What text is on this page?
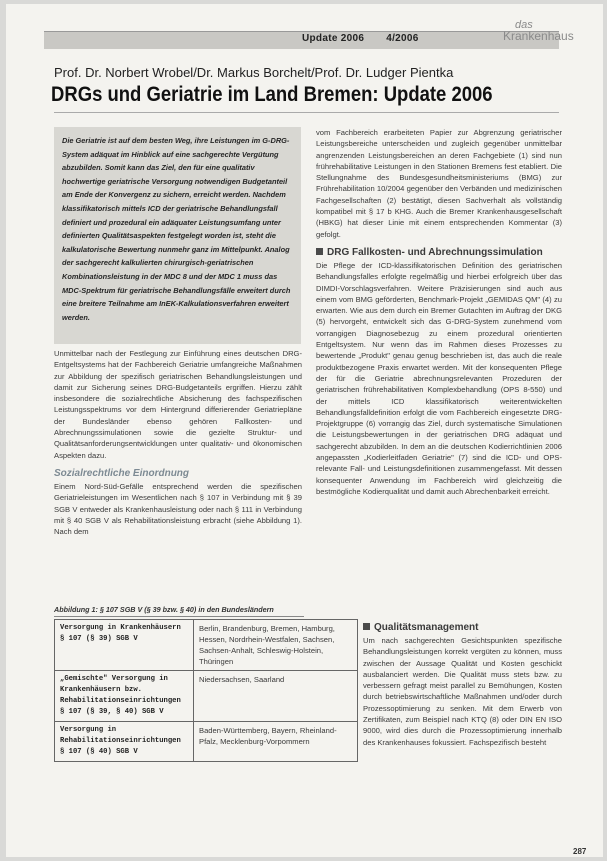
Update 2006 4/2006
das
Krankenhaus
Prof. Dr. Norbert Wrobel/Dr. Markus Borchelt/Prof. Dr. Ludger Pientka
DRGs und Geriatrie im Land Bremen: Update 2006

Die Geriatrie ist auf dem besten Weg, ihre Leistungen im G-DRG-System adäquat im Hinblick auf eine sachgerechte Vergütung abzubilden. Somit kann das Ziel, den für eine qualitativ hochwertige geriatrische Versorgung notwendigen Budgetanteil am Ende der Konvergenz zu sichern, erreicht werden. Nachdem klassifikatorisch mittels ICD der geriatrische Behandlungsfall definiert und prozedural ein adäquater Leistungsumfang unter definierten Qualitätsaspekten festgelegt worden ist, steht die kalkulatorische Bewertung nunmehr ganz im Mittelpunkt. Analog der sachgerecht kalkulierten chirurgisch-geriatrischen Kombinationsleistung in der MDC 8 und der MDC 1 muss das MDC-Spektrum für geriatrische Behandlungsfälle erweitert durch eine breitere Teilnahme am InEK-Kalkulationsverfahren erweitert werden.

Unmittelbar nach der Festlegung zur Einführung eines deutschen DRG-Entgeltsystems hat der Fachbereich Geriatrie umfangreiche Maßnahmen zur Abbildung der spezifisch geriatrischen Behandlungsleistungen und damit zur Sicherung seines DRG-Budgetanteils ergriffen. Hierzu zählt insbesondere die sozialrechtliche Absicherung des fachspezifischen Leistungsspektrums vor dem Hintergrund differierender Geriatriepläne der Bundesländer ebenso gehören Fallkosten- und Abrechnungssimulationen sowie die gezielte Struktur- und Qualitätsanforderungsentwicklungen unter qualitativ- und ökonomischen Aspekten dazu.

Sozialrechtliche Einordnung

Einem Nord-Süd-Gefälle entsprechend werden die spezifischen Geriatrieleistungen im Wesentlichen nach § 107 in Verbindung mit § 39 SGB V entweder als Krankenhausleistung oder nach § 111 in Verbindung mit § 40 SGB V als Rehabilitationsleistung erbracht (siehe Abbildung 1). Nach dem

Abbildung 1: § 107 SGB V (§ 39 bzw. § 40) in den Bundesländern
Versorgung in Krankenhäusern § 107 (§ 39) SGB V	Berlin, Brandenburg, Bremen, Hamburg, Hessen, Nordrhein-Westfalen, Sachsen, Sachsen-Anhalt, Schleswig-Holstein, Thüringen
„Gemischte" Versorgung in Krankenhäusern bzw. Rehabilitationseinrichtungen § 107 (§ 39, § 40) SGB V	Niedersachsen, Saarland
Versorgung in Rehabilitationseinrichtungen § 107 (§ 40) SGB V	Baden-Württemberg, Bayern, Rheinland-Pfalz, Mecklenburg-Vorpommern

vom Fachbereich erarbeiteten Papier zur Abgrenzung geriatrischer Leistungsbereiche unterscheiden und zugleich gegenüber unmittelbar angrenzenden Leistungsbereichen an deren Fachgebiete (1) sind nun frührehabilitative Leistungen in den Stationen Bremens fest etabliert. Die Stellungnahme des Bundesgesundheitsministeriums (BMG) zur Frührehabilitation 10/2004 gegenüber den Verbänden und medizinischen Fachgesellschaften (2) bestätigt, diesen Sachverhalt als vollständig kompatibel mit § 17 b KHG. Auch die Bremer Krankenhausgesellschaft (HBKG) hat dieser Linie mit einem entsprechenden Kommentar (3) gefolgt.

DRG Fallkosten- und Abrechnungssimulation

Die Pflege der ICD-klassifikatorischen Definition des geriatrischen Behandlungsfalles erfolgte regelmäßig und hierbei erfolgreich über das DIMDI-Vorschlagsverfahren. Weitere Präzisierungen sind auch aus einem vom BMG geförderten, Benchmark-Projekt „GEMIDAS QM" (4) zu erwarten. Wie aus dem durch ein Bremer Gutachten im Auftrag der DKG (5) hervorgeht, entwickelt sich das G-DRG-System zunehmend vom vorrangigen Diagnosebezug zu einem prozedural orientierten Entgeltsystem. Nur wenn das im Rahmen dieses Prozesses zu bewertende „Produkt" genau genug beschrieben ist, das auch die reale produktbezogene Praxis erwartet werden. Mit der konsequenten Pflege der für die Geriatrie abrechnungsrelevanten Prozeduren der geriatrischen frührehabilitativen Komplexbehandlung (OPS 8-550) und der mittels ICD klassifikatorisch weiterentwickelten Behandlungsfalldefinition erfolgt die vom Fachbereich eingesetzte DRG-Projektgruppe (6) vorrangig das Ziel, durch systematische Simulationen die Leistungsbewertungen in der geriatrischen DRG adäquat und sachgerecht abzubilden. In dem an die deutschen Kodierrichtlinien 2006 angepassten „Kodierleitfaden Geriatrie" (7) sind die ICD- und OPS-relevante Fall- und Leistungsdefinitionen zusammengefasst. Mit dessen konsequenter Anwendung im Fachbereich wird gleichzeitig die bestmögliche Kodierqualität und damit auch Abrechenbarkeit erreicht.

Qualitätsmanagement

Um nach sachgerechten Gesichtspunkten spezifische Behandlungsleistungen korrekt vergüten zu können, muss zwischen der Aussage Qualität und Kosten geschickt ausbalanciert werden. Die Qualität muss stets bzw. zu verbessern gefragt meist parallel zu Bemühungen, Kosten durch betriebswirtschaftliche Maßnahmen und/oder durch Prozessoptimierung zu senken. Mit dem Erwerb von Zertifikaten, zum Beispiel nach KTQ (8) oder DIN EN ISO 9000, wird dies durch die Prozessoptimierung innerhalb des Krankenhauses fokussiert. Fachspezifisch besteht

287
